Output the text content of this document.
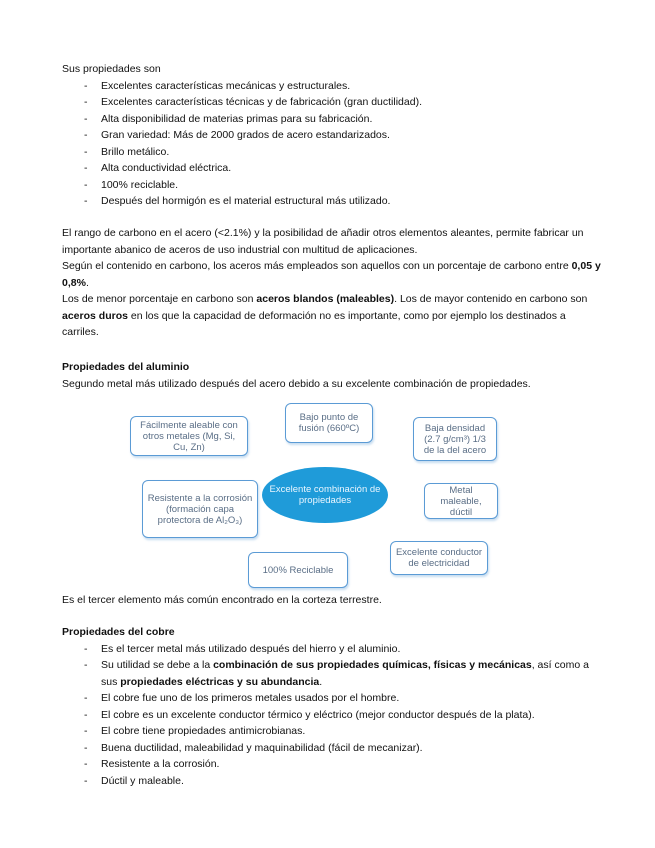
Sus propiedades son

- Excelentes características mecánicas y estructurales.
- Excelentes características técnicas y de fabricación (gran ductilidad).
- Alta disponibilidad de materias primas para su fabricación.
- Gran variedad: Más de 2000 grados de acero estandarizados.
- Brillo metálico.
- Alta conductividad eléctrica.
- 100% reciclable.
- Después del hormigón es el material estructural más utilizado.

El rango de carbono en el acero (<2.1%) y la posibilidad de añadir otros elementos aleantes, permite fabricar un importante abanico de aceros de uso industrial con multitud de aplicaciones.

Según el contenido en carbono, los aceros más empleados son aquellos con un porcentaje de carbono entre 0,05 y 0,8%.

Los de menor porcentaje en carbono son aceros blandos (maleables). Los de mayor contenido en carbono son aceros duros en los que la capacidad de deformación no es importante, como por ejemplo los destinados a carriles.

Propiedades del aluminio

Segundo metal más utilizado después del acero debido a su excelente combinación de propiedades.

Excelente combinación de propiedades
Fácilmente aleable con otros metales (Mg, Si, Cu, Zn)
Bajo punto de fusión (660ºC)	Baja densidad (2.7 g/cm³) 1/3 de la del acero
Resistente a la corrosión (formación capa protectora de Al₂O₃)
Metal maleable, dúctil
Excelente conductor de electricidad
100% Reciclable

Es el tercer elemento más común encontrado en la corteza terrestre.

Propiedades del cobre

- Es el tercer metal más utilizado después del hierro y el aluminio.
- Su utilidad se debe a la combinación de sus propiedades químicas, físicas y mecánicas, así como a sus propiedades eléctricas y su abundancia.
- El cobre fue uno de los primeros metales usados por el hombre.
- El cobre es un excelente conductor térmico y eléctrico (mejor conductor después de la plata).
- El cobre tiene propiedades antimicrobianas.
- Buena ductilidad, maleabilidad y maquinabilidad (fácil de mecanizar).
- Resistente a la corrosión.
- Dúctil y maleable.
